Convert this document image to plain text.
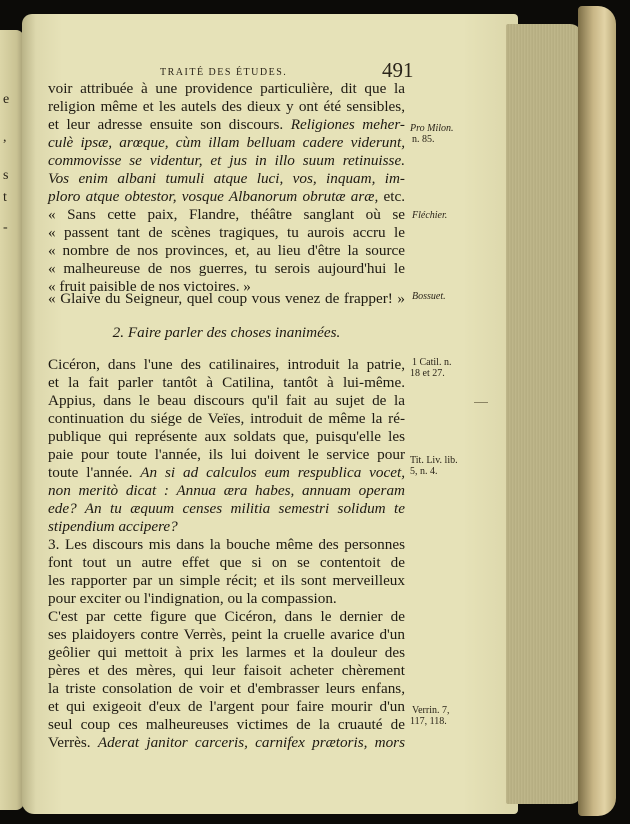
e
,
s
t
-
TRAITÉ DES ÉTUDES.	491
voir attribuée à une providence particulière, dit que la
religion même et les autels des dieux y ont été sensibles,
et leur adresse ensuite son discours. Religiones meher-
culè ipsæ, arœque, cùm illam belluam cadere viderunt,
commovisse se videntur, et jus in illo suum retinuisse.
Vos enim albani tumuli atque luci, vos, inquam, im-
ploro atque obtestor, vosque Albanorum obrutæ aræ, etc.
« Sans cette paix, Flandre, théâtre sanglant où se
« passent tant de scènes tragiques, tu aurois accru le
« nombre de nos provinces, et, au lieu d'être la source
« malheureuse de nos guerres, tu serois aujourd'hui le
« fruit paisible de nos victoires. »
« Glaive du Seigneur, quel coup vous venez de frapper! »
2. Faire parler des choses inanimées.
Cicéron, dans l'une des catilinaires, introduit la patrie,
et la fait parler tantôt à Catilina, tantôt à lui-même.
Appius, dans le beau discours qu'il fait au sujet de la
continuation du siége de Veïes, introduit de même la ré-
publique qui représente aux soldats que, puisqu'elle les
paie pour toute l'année, ils lui doivent le service pour
toute l'année. An si ad calculos eum respublica vocet,
non meritò dicat : Annua æra habes, annuam operam
ede? An tu æquum censes militia semestri solidum te
stipendium accipere?
3. Les discours mis dans la bouche même des personnes
font tout un autre effet que si on se contentoit de
les rapporter par un simple récit; et ils sont merveilleux
pour exciter ou l'indignation, ou la compassion.
C'est par cette figure que Cicéron, dans le dernier de
ses plaidoyers contre Verrès, peint la cruelle avarice d'un
geôlier qui mettoit à prix les larmes et la douleur des
pères et des mères, qui leur faisoit acheter chèrement
la triste consolation de voir et d'embrasser leurs enfans,
et qui exigeoit d'eux de l'argent pour faire mourir d'un
seul coup ces malheureuses victimes de la cruauté de
Verrès. Aderat janitor carceris, carnifex prætoris, mors
Pro Milon.
n. 85.
Fléchier.
Bossuet.
1 Catil. n.
18 et 27.
Tit. Liv. lib.
5, n. 4.
Verrin. 7,
117, 118.
